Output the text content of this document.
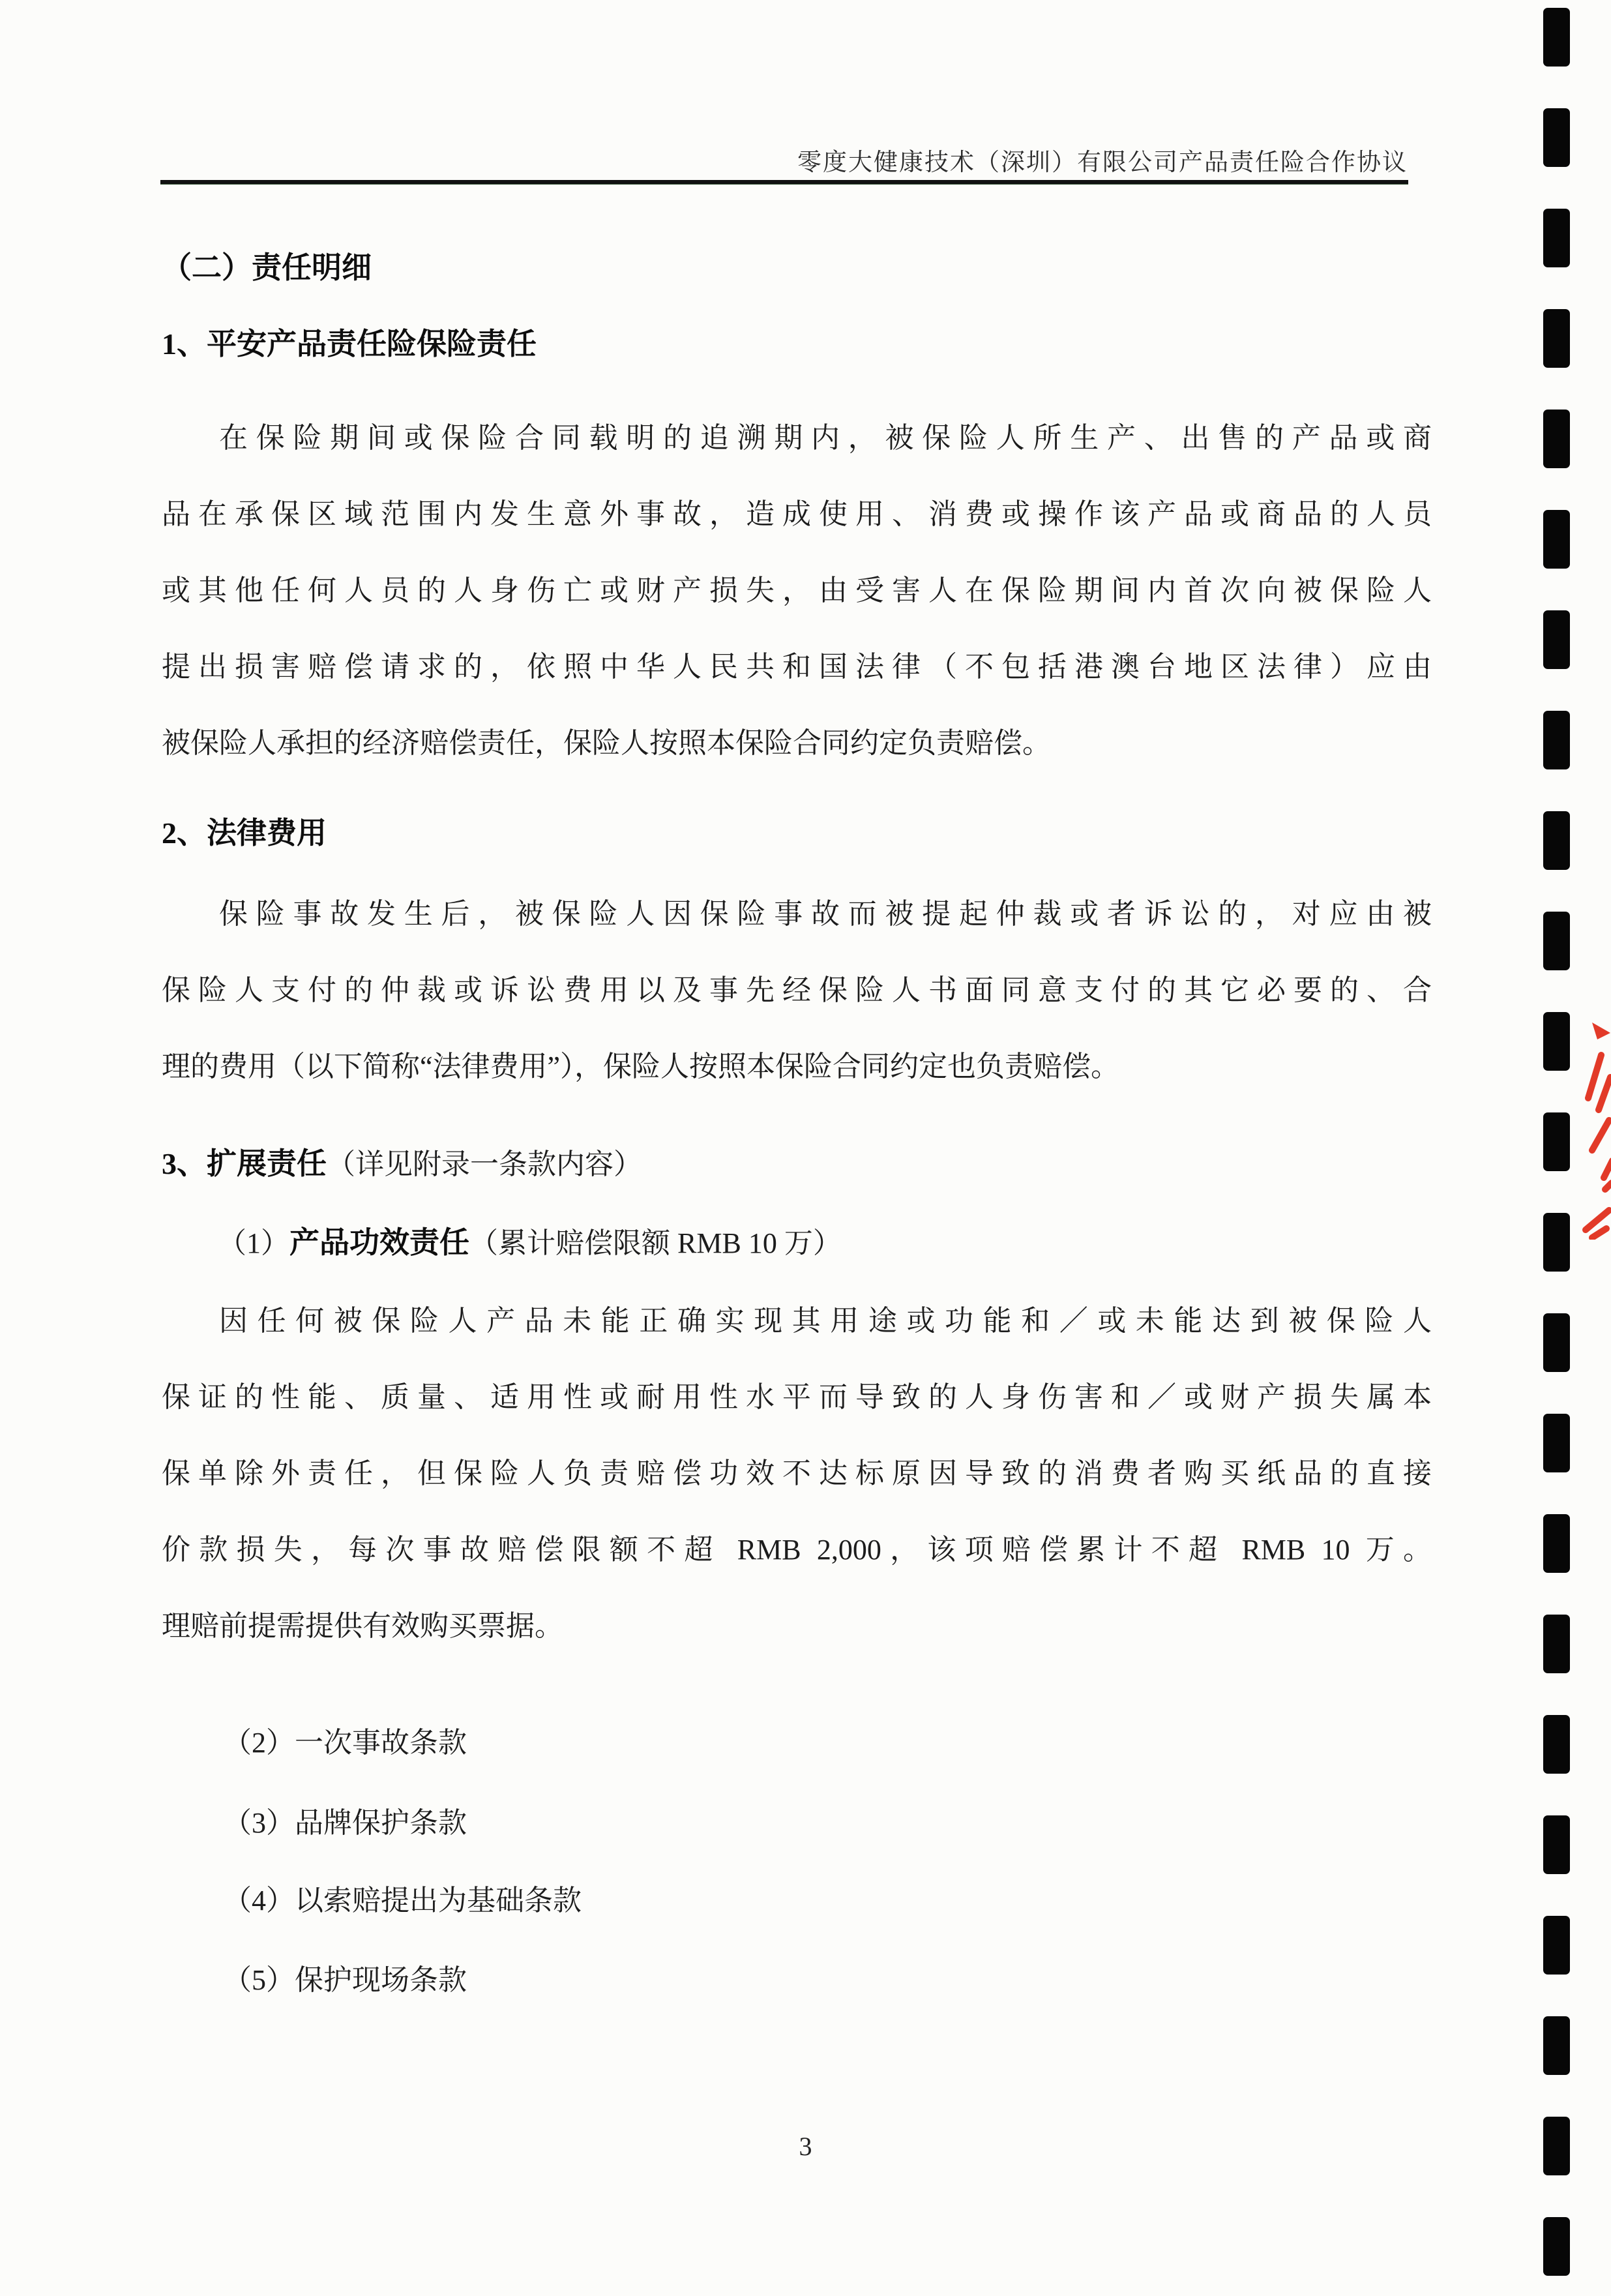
零度大健康技术（深圳）有限公司产品责任险合作协议
（二）责任明细
1、平安产品责任险保险责任
在保险期间或保险合同载明的追溯期内，被保险人所生产、出售的产品或商
品在承保区域范围内发生意外事故，造成使用、消费或操作该产品或商品的人员
或其他任何人员的人身伤亡或财产损失，由受害人在保险期间内首次向被保险人
提出损害赔偿请求的，依照中华人民共和国法律（不包括港澳台地区法律）应由
被保险人承担的经济赔偿责任，保险人按照本保险合同约定负责赔偿。
2、法律费用
保险事故发生后，被保险人因保险事故而被提起仲裁或者诉讼的，对应由被
保险人支付的仲裁或诉讼费用以及事先经保险人书面同意支付的其它必要的、合
理的费用（以下简称“法律费用”），保险人按照本保险合同约定也负责赔偿。
3、扩展责任（详见附录一条款内容）
（1）产品功效责任（累计赔偿限额 RMB 10 万）
因任何被保险人产品未能正确实现其用途或功能和／或未能达到被保险人
保证的性能、质量、适用性或耐用性水平而导致的人身伤害和／或财产损失属本
保单除外责任，但保险人负责赔偿功效不达标原因导致的消费者购买纸品的直接
价款损失，每次事故赔偿限额不超 RMB 2,000，该项赔偿累计不超 RMB 10 万。
理赔前提需提供有效购买票据。
（2）一次事故条款
（3）品牌保护条款
（4）以索赔提出为基础条款
（5）保护现场条款
3
